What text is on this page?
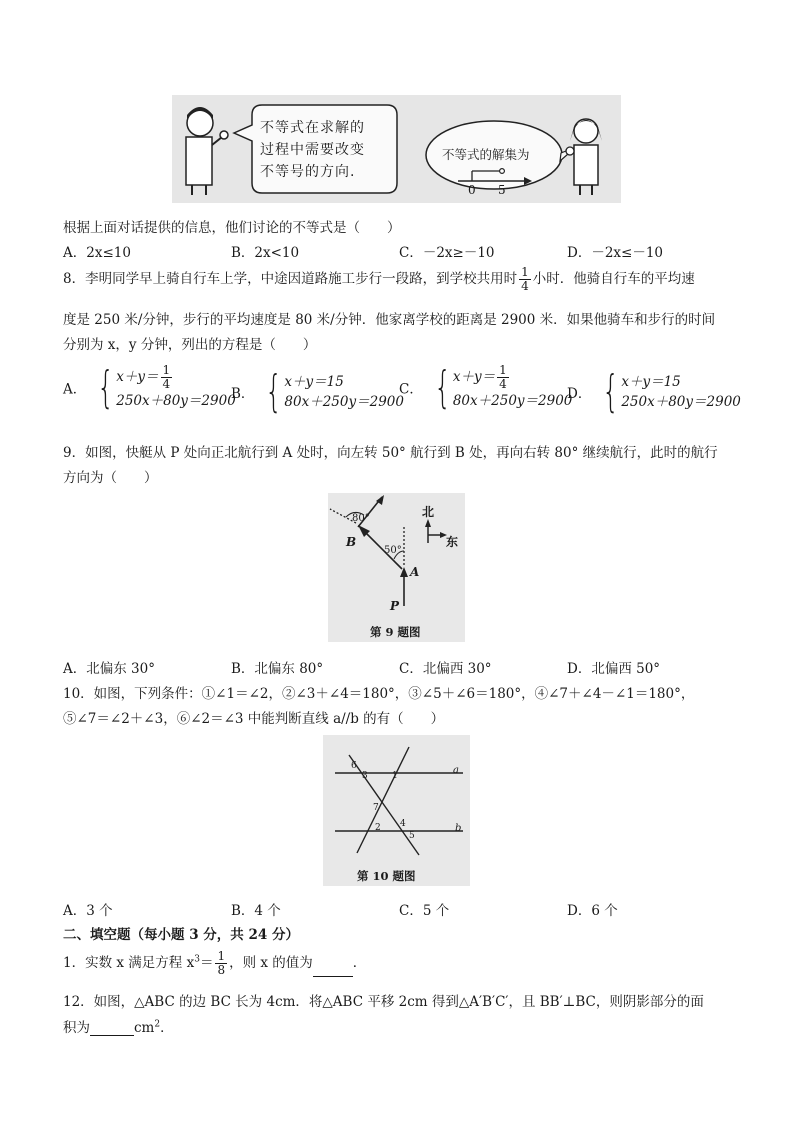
不等式在求解的
过程中需要改变
不等号的方向.
不等式的解集为
0 5
根据上面对话提供的信息，他们讨论的不等式是（　　）
A．2x≤10	B．2x<10	C．－2x≥－10	D．－2x≤－10
8．李明同学早上骑自行车上学，中途因道路施工步行一段路，到学校共用时 $\frac{1}{4}$ 小时．他骑自行车的平均速
度是 250 米/分钟，步行的平均速度是 80 米/分钟．他家离学校的距离是 2900 米．如果他骑车和步行的时间
分别为 x，y 分钟，列出的方程是（　　）
A． { $x+y= \frac{1}{4}$
250x＋80y＝2900
B． { x＋y＝15
80x＋250y＝2900
C． { $x+y= \frac{1}{4}$
80x＋250y＝2900
D． { x＋y＝15
250x＋80y＝2900
9．如图，快艇从 P 处向正北航行到 A 处时，向左转 50° 航行到 B 处，再向右转 80° 继续航行，此时的航行
方向为（　　）
北
东
80°
50°
B
A
P
第 9 题图
A．北偏东 30°	B．北偏东 80°	C．北偏西 30°	D．北偏西 50°
10．如图，下列条件：①∠1＝∠2，②∠3＋∠4＝180°，③∠5＋∠6＝180°，④∠7＋∠4－∠1＝180°，
⑤∠7＝∠2＋∠3，⑥∠2＝∠3 中能判断直线 a//b 的有（　　）
a
b
6
3	1
7
2 4
5
第 10 题图
A．3 个	B．4 个	C．5 个	D．6 个
二、填空题（每小题 3 分，共 24 分）
1．实数 x 满足方程 $x^3= \frac{1}{8}$ ，则 x 的值为	．
12．如图，△ABC 的边 BC 长为 4cm．将△ABC 平移 2cm 得到△A′B′C′，且 BB′⊥BC，则阴影部分的面
积为	$cm^2$．
